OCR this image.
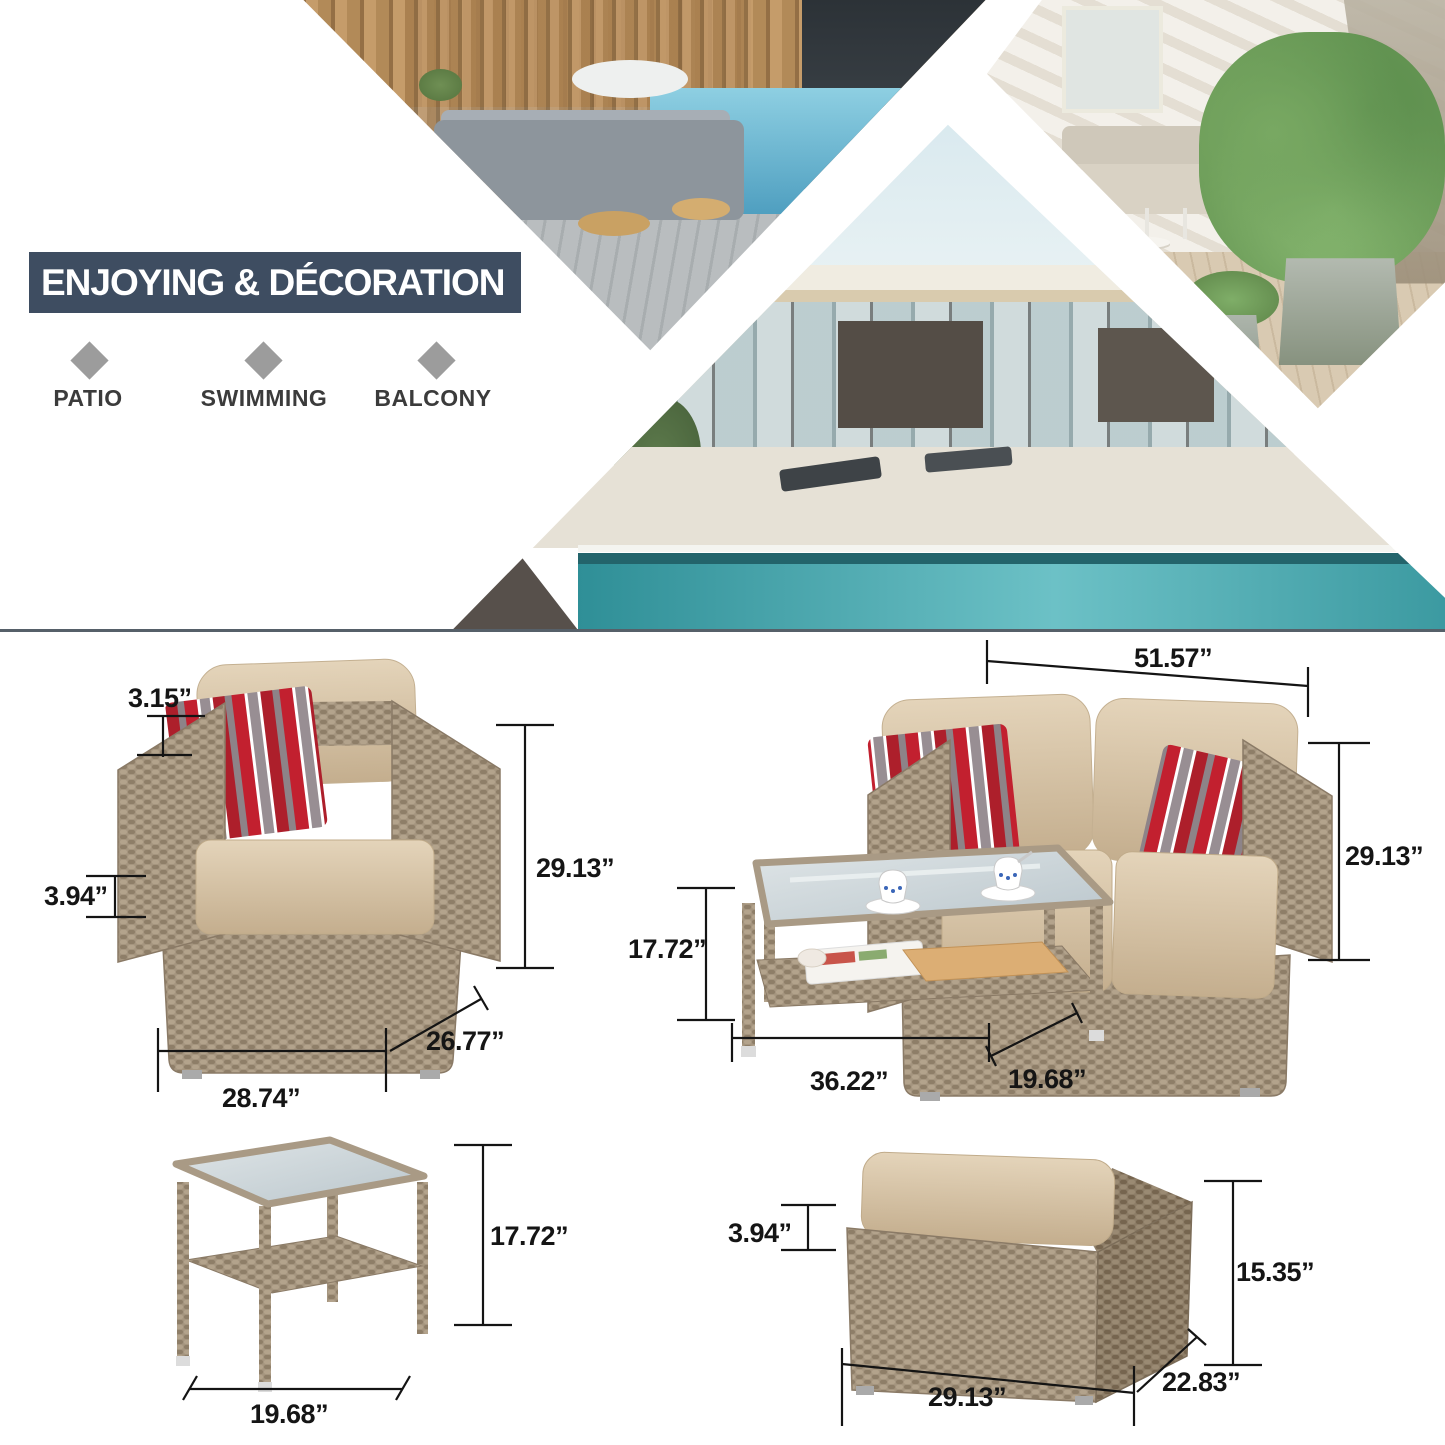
ENJOYING & DÉCORATION
PATIO	SWIMMING	BALCONY
3.15”
3.94”
29.13”
28.74”
26.77”
51.57”
29.13”
17.72”
36.22”	19.68”
17.72”
19.68”
3.94”
15.35”
29.13”	22.83”
